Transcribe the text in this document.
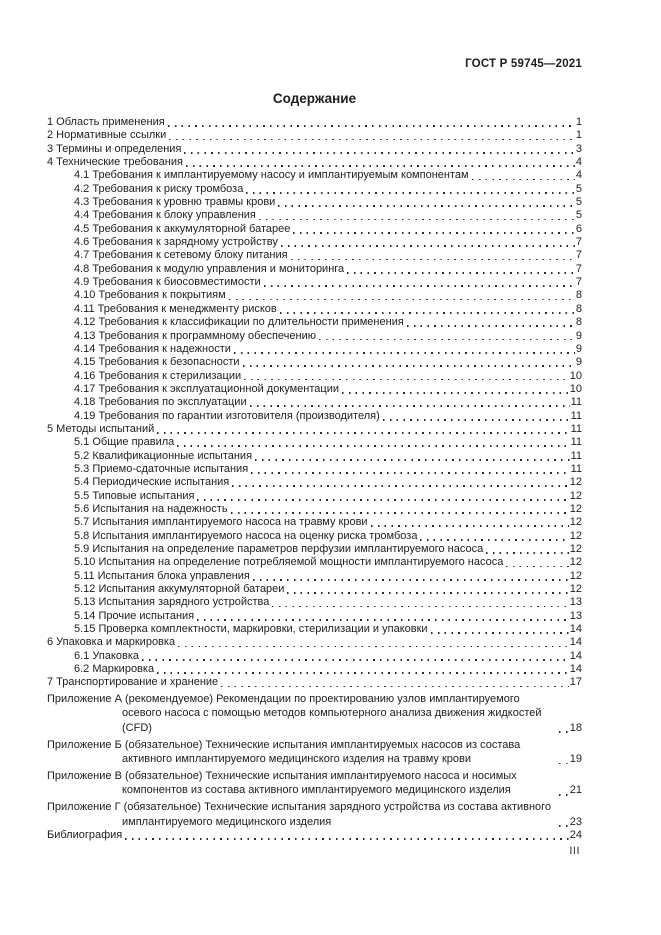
ГОСТ Р 59745—2021
Содержание
1 Область применения	1
2 Нормативные ссылки	1
3 Термины и определения	3
4 Технические требования	4
4.1 Требования к имплантируемому насосу и имплантируемым компонентам	4
4.2 Требования к риску тромбоза	5
4.3 Требования к уровню травмы крови	5
4.4 Требования к блоку управления	5
4.5 Требования к аккумуляторной батарее	6
4.6 Требования к зарядному устройству	7
4.7 Требования к сетевому блоку питания	7
4.8 Требования к модулю управления и мониторинга	7
4.9 Требования к биосовместимости	7
4.10 Требования к покрытиям	8
4.11 Требования к менеджменту рисков	8
4.12 Требования к классификации по длительности применения	8
4.13 Требования к программному обеспечению	9
4.14 Требования к надежности	9
4.15 Требования к безопасности	9
4.16 Требования к стерилизации	10
4.17 Требования к эксплуатационной документации	10
4.18 Требования по эксплуатации	11
4.19 Требования по гарантии изготовителя (производителя)	11
5 Методы испытаний	11
5.1 Общие правила	11
5.2 Квалификационные испытания	11
5.3 Приемо-сдаточные испытания	11
5.4 Периодические испытания	12
5.5 Типовые испытания	12
5.6 Испытания на надежность	12
5.7 Испытания имплантируемого насоса на травму крови	12
5.8 Испытания имплантируемого насоса на оценку риска тромбоза	12
5.9 Испытания на определение параметров перфузии имплантируемого насоса	12
5.10 Испытания на определение потребляемой мощности имплантируемого насоса	12
5.11 Испытания блока управления	12
5.12 Испытания аккумуляторной батареи	12
5.13 Испытания зарядного устройства	13
5.14 Прочие испытания	13
5.15 Проверка комплектности, маркировки, стерилизации и упаковки	14
6 Упаковка и маркировка	14
6.1 Упаковка	14
6.2 Маркировка	14
7 Транспортирование и хранение	17
Приложение А (рекомендуемое) Рекомендации по проектированию узлов имплантируемого осевого насоса с помощью методов компьютерного анализа движения жидкостей (CFD)	18
Приложение Б (обязательное) Технические испытания имплантируемых насосов из состава активного имплантируемого медицинского изделия на травму крови	19
Приложение В (обязательное) Технические испытания имплантируемого насоса и носимых компонентов из состава активного имплантируемого медицинского изделия	21
Приложение Г (обязательное) Технические испытания зарядного устройства из состава активного имплантируемого медицинского изделия	23
Библиография	24
III
